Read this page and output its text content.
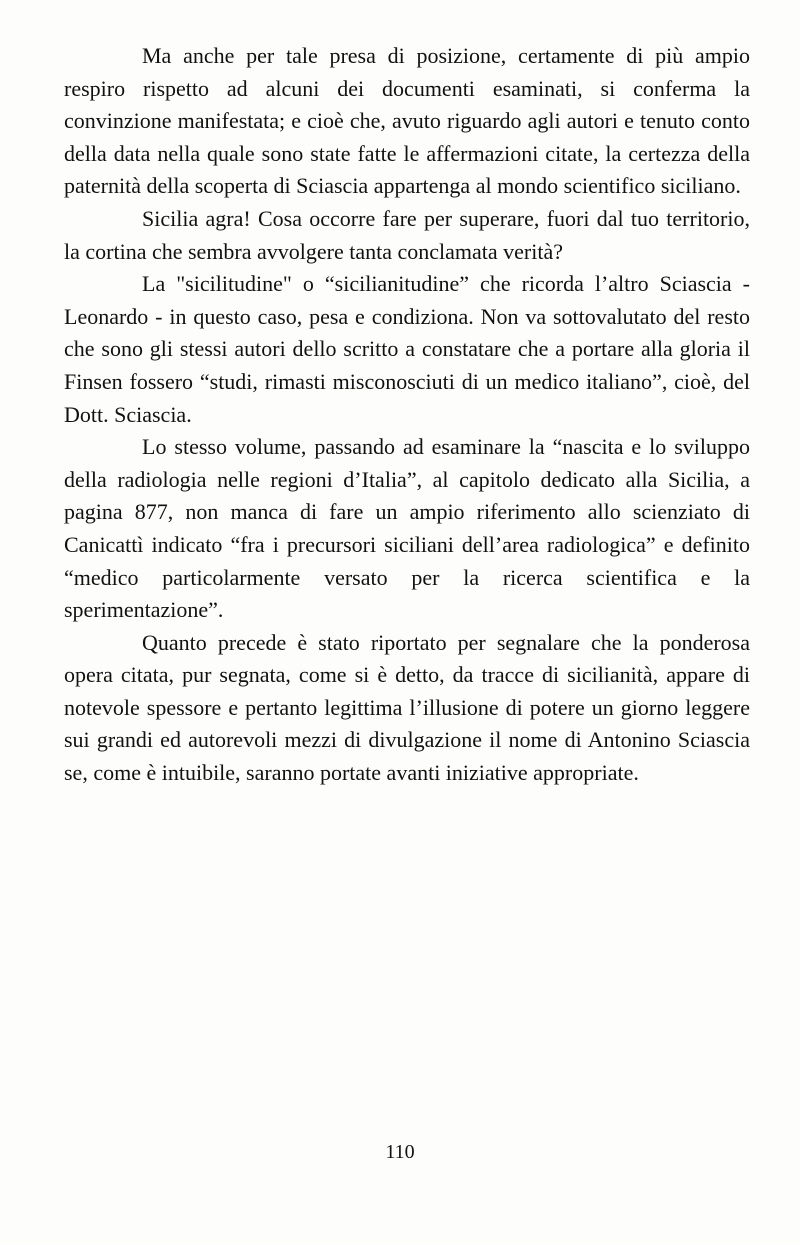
Ma anche per tale presa di posizione, certamente di più ampio respiro rispetto ad alcuni dei documenti esaminati, si conferma la convinzione manifestata; e cioè che, avuto riguardo agli autori e tenuto conto della data nella quale sono state fatte le affermazioni citate, la certezza della paternità della scoperta di Sciascia appartenga al mondo scientifico siciliano.

Sicilia agra! Cosa occorre fare per superare, fuori dal tuo territorio, la cortina che sembra avvolgere tanta conclamata verità?

La "sicilitudine" o “sicilianitudine” che ricorda l’altro Sciascia - Leonardo - in questo caso, pesa e condiziona. Non va sottovalutato del resto che sono gli stessi autori dello scritto a constatare che a portare alla gloria il Finsen fossero “studi, rimasti misconosciuti di un medico italiano”, cioè, del Dott. Sciascia.

Lo stesso volume, passando ad esaminare la “nascita e lo sviluppo della radiologia nelle regioni d’Italia”, al capitolo dedicato alla Sicilia, a pagina 877, non manca di fare un ampio riferimento allo scienziato di Canicattì indicato “fra i precursori siciliani dell’area radiologica” e definito “medico particolarmente versato per la ricerca scientifica e la sperimentazione”.

Quanto precede è stato riportato per segnalare che la ponderosa opera citata, pur segnata, come si è detto, da tracce di sicilianità, appare di notevole spessore e pertanto legittima l’illusione di potere un giorno leggere sui grandi ed autorevoli mezzi di divulgazione il nome di Antonino Sciascia se, come è intuibile, saranno portate avanti iniziative appropriate.

110
